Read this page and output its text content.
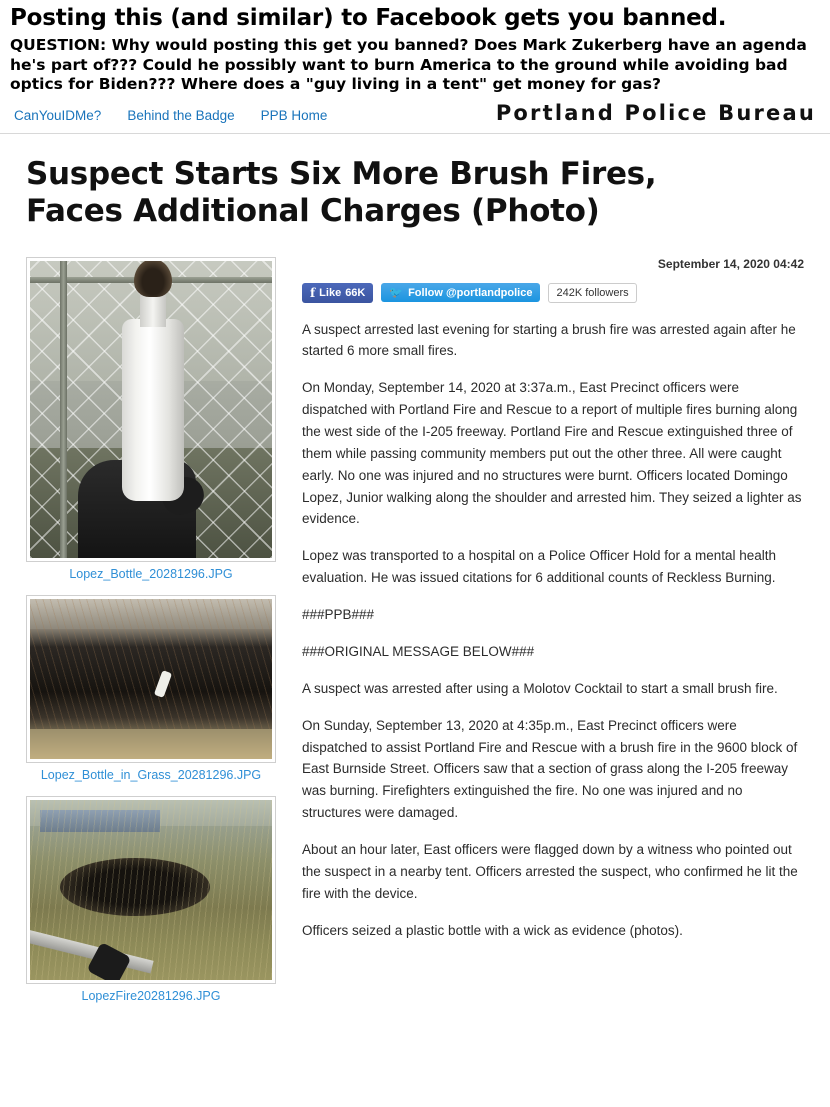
Posting this (and similar) to Facebook gets you banned.
QUESTION: Why would posting this get you banned? Does Mark Zukerberg have an agenda he's part of??? Could he possibly want to burn America to the ground while avoiding bad optics for Biden??? Where does a "guy living in a tent" get money for gas?
CanYouIDMe? Behind the Badge PPB Home	Portland Police Bureau
Suspect Starts Six More Brush Fires, Faces Additional Charges (Photo)
Lopez_Bottle_20281296.JPG
Lopez_Bottle_in_Grass_20281296.JPG
LopezFire20281296.JPG
September 14, 2020 04:42
f Like 66K 🐦 Follow @portlandpolice	242K followers

A suspect arrested last evening for starting a brush fire was arrested again after he started 6 more small fires.

On Monday, September 14, 2020 at 3:37a.m., East Precinct officers were dispatched with Portland Fire and Rescue to a report of multiple fires burning along the west side of the I-205 freeway. Portland Fire and Rescue extinguished three of them while passing community members put out the other three. All were caught early. No one was injured and no structures were burnt. Officers located Domingo Lopez, Junior walking along the shoulder and arrested him. They seized a lighter as evidence.

Lopez was transported to a hospital on a Police Officer Hold for a mental health evaluation. He was issued citations for 6 additional counts of Reckless Burning.

###PPB###

###ORIGINAL MESSAGE BELOW###

A suspect was arrested after using a Molotov Cocktail to start a small brush fire.

On Sunday, September 13, 2020 at 4:35p.m., East Precinct officers were dispatched to assist Portland Fire and Rescue with a brush fire in the 9600 block of East Burnside Street. Officers saw that a section of grass along the I-205 freeway was burning. Firefighters extinguished the fire. No one was injured and no structures were damaged.

About an hour later, East officers were flagged down by a witness who pointed out the suspect in a nearby tent. Officers arrested the suspect, who confirmed he lit the fire with the device.

Officers seized a plastic bottle with a wick as evidence (photos).
